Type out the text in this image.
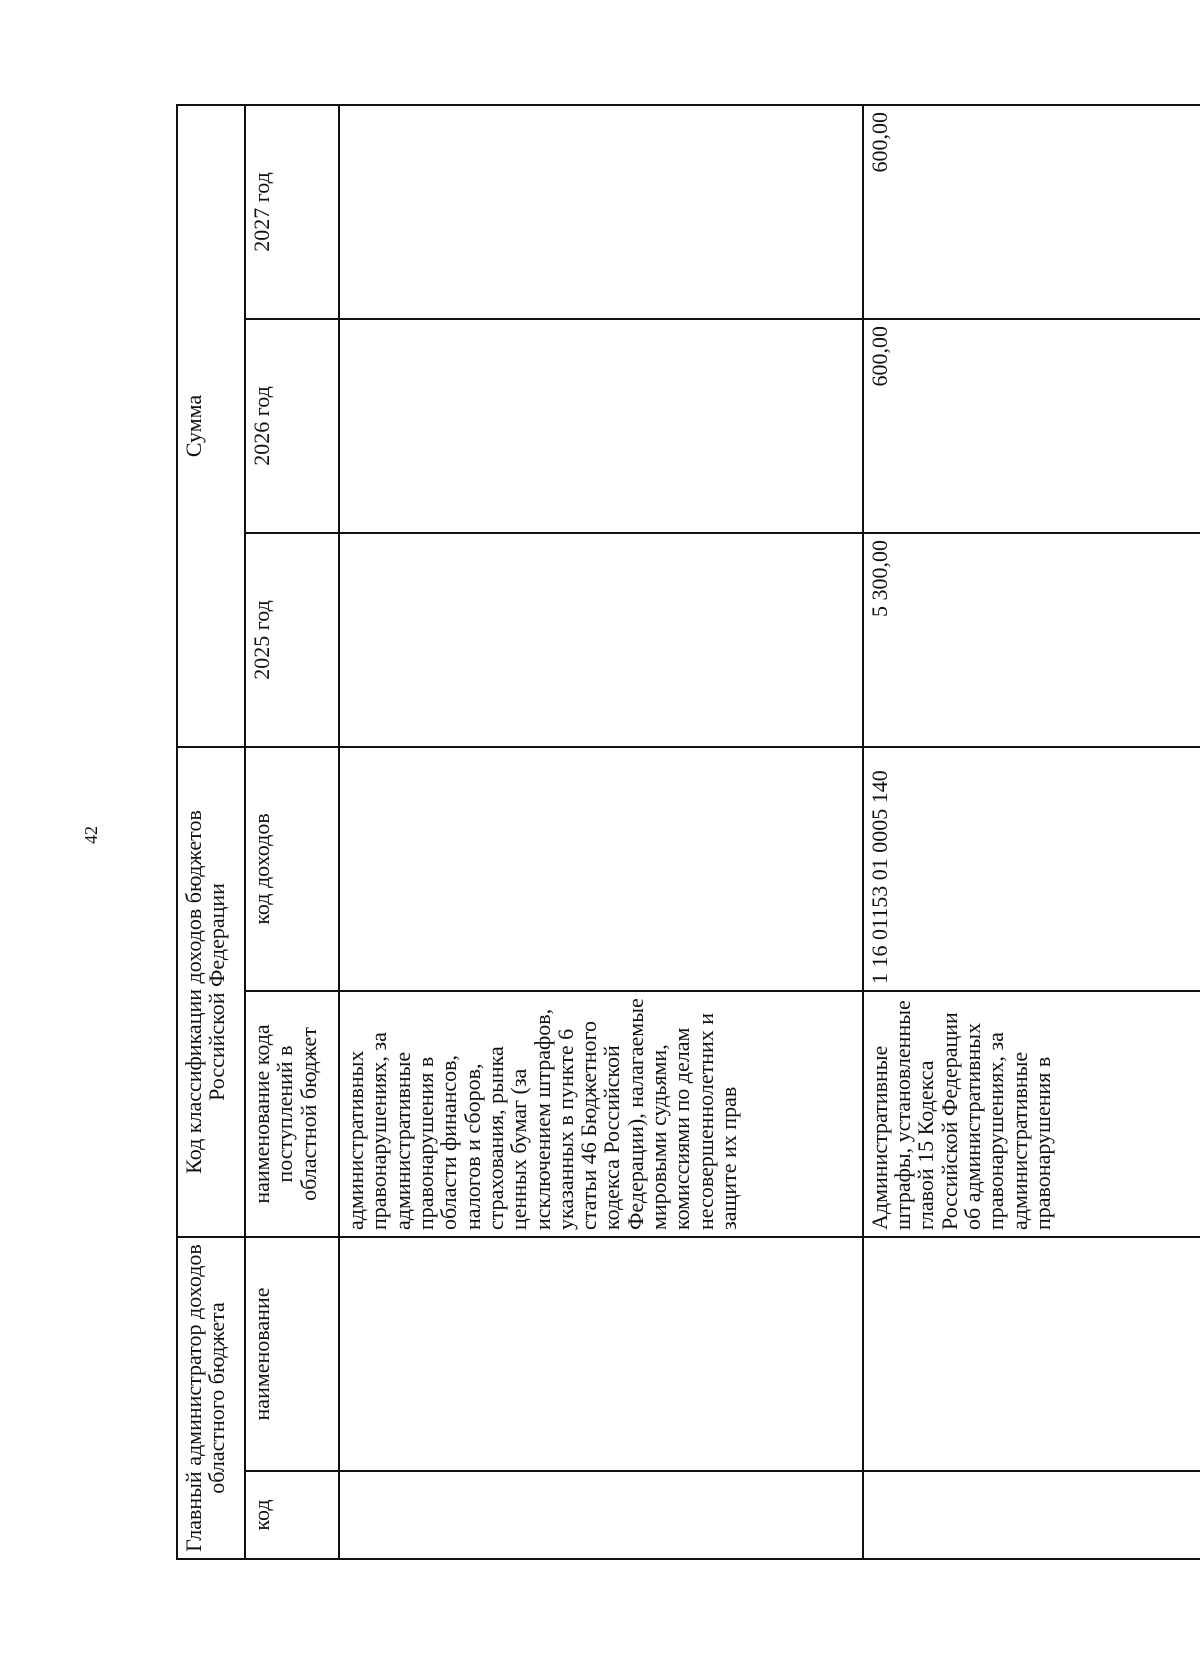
42
Главный администратор доходов областного бюджета		Код классификации доходов бюджетов Российской Федерации		Сумма		
код	наименование	наименование кода поступлений в областной бюджет	код доходов	2025 год	2026 год	2027 год
		административных правонарушениях, за административные правонарушения в области финансов, налогов и сборов, страхования, рынка ценных бумаг (за исключением штрафов, указанных в пункте 6 статьи 46 Бюджетного кодекса Российской Федерации), налагаемые мировыми судьями, комиссиями по делам несовершеннолетних и защите их прав				
		Административные штрафы, установленные главой 15 Кодекса Российской Федерации об административных правонарушениях, за административные правонарушения в	1 16 01153 01 0005 140	5 300,00	600,00	600,00
